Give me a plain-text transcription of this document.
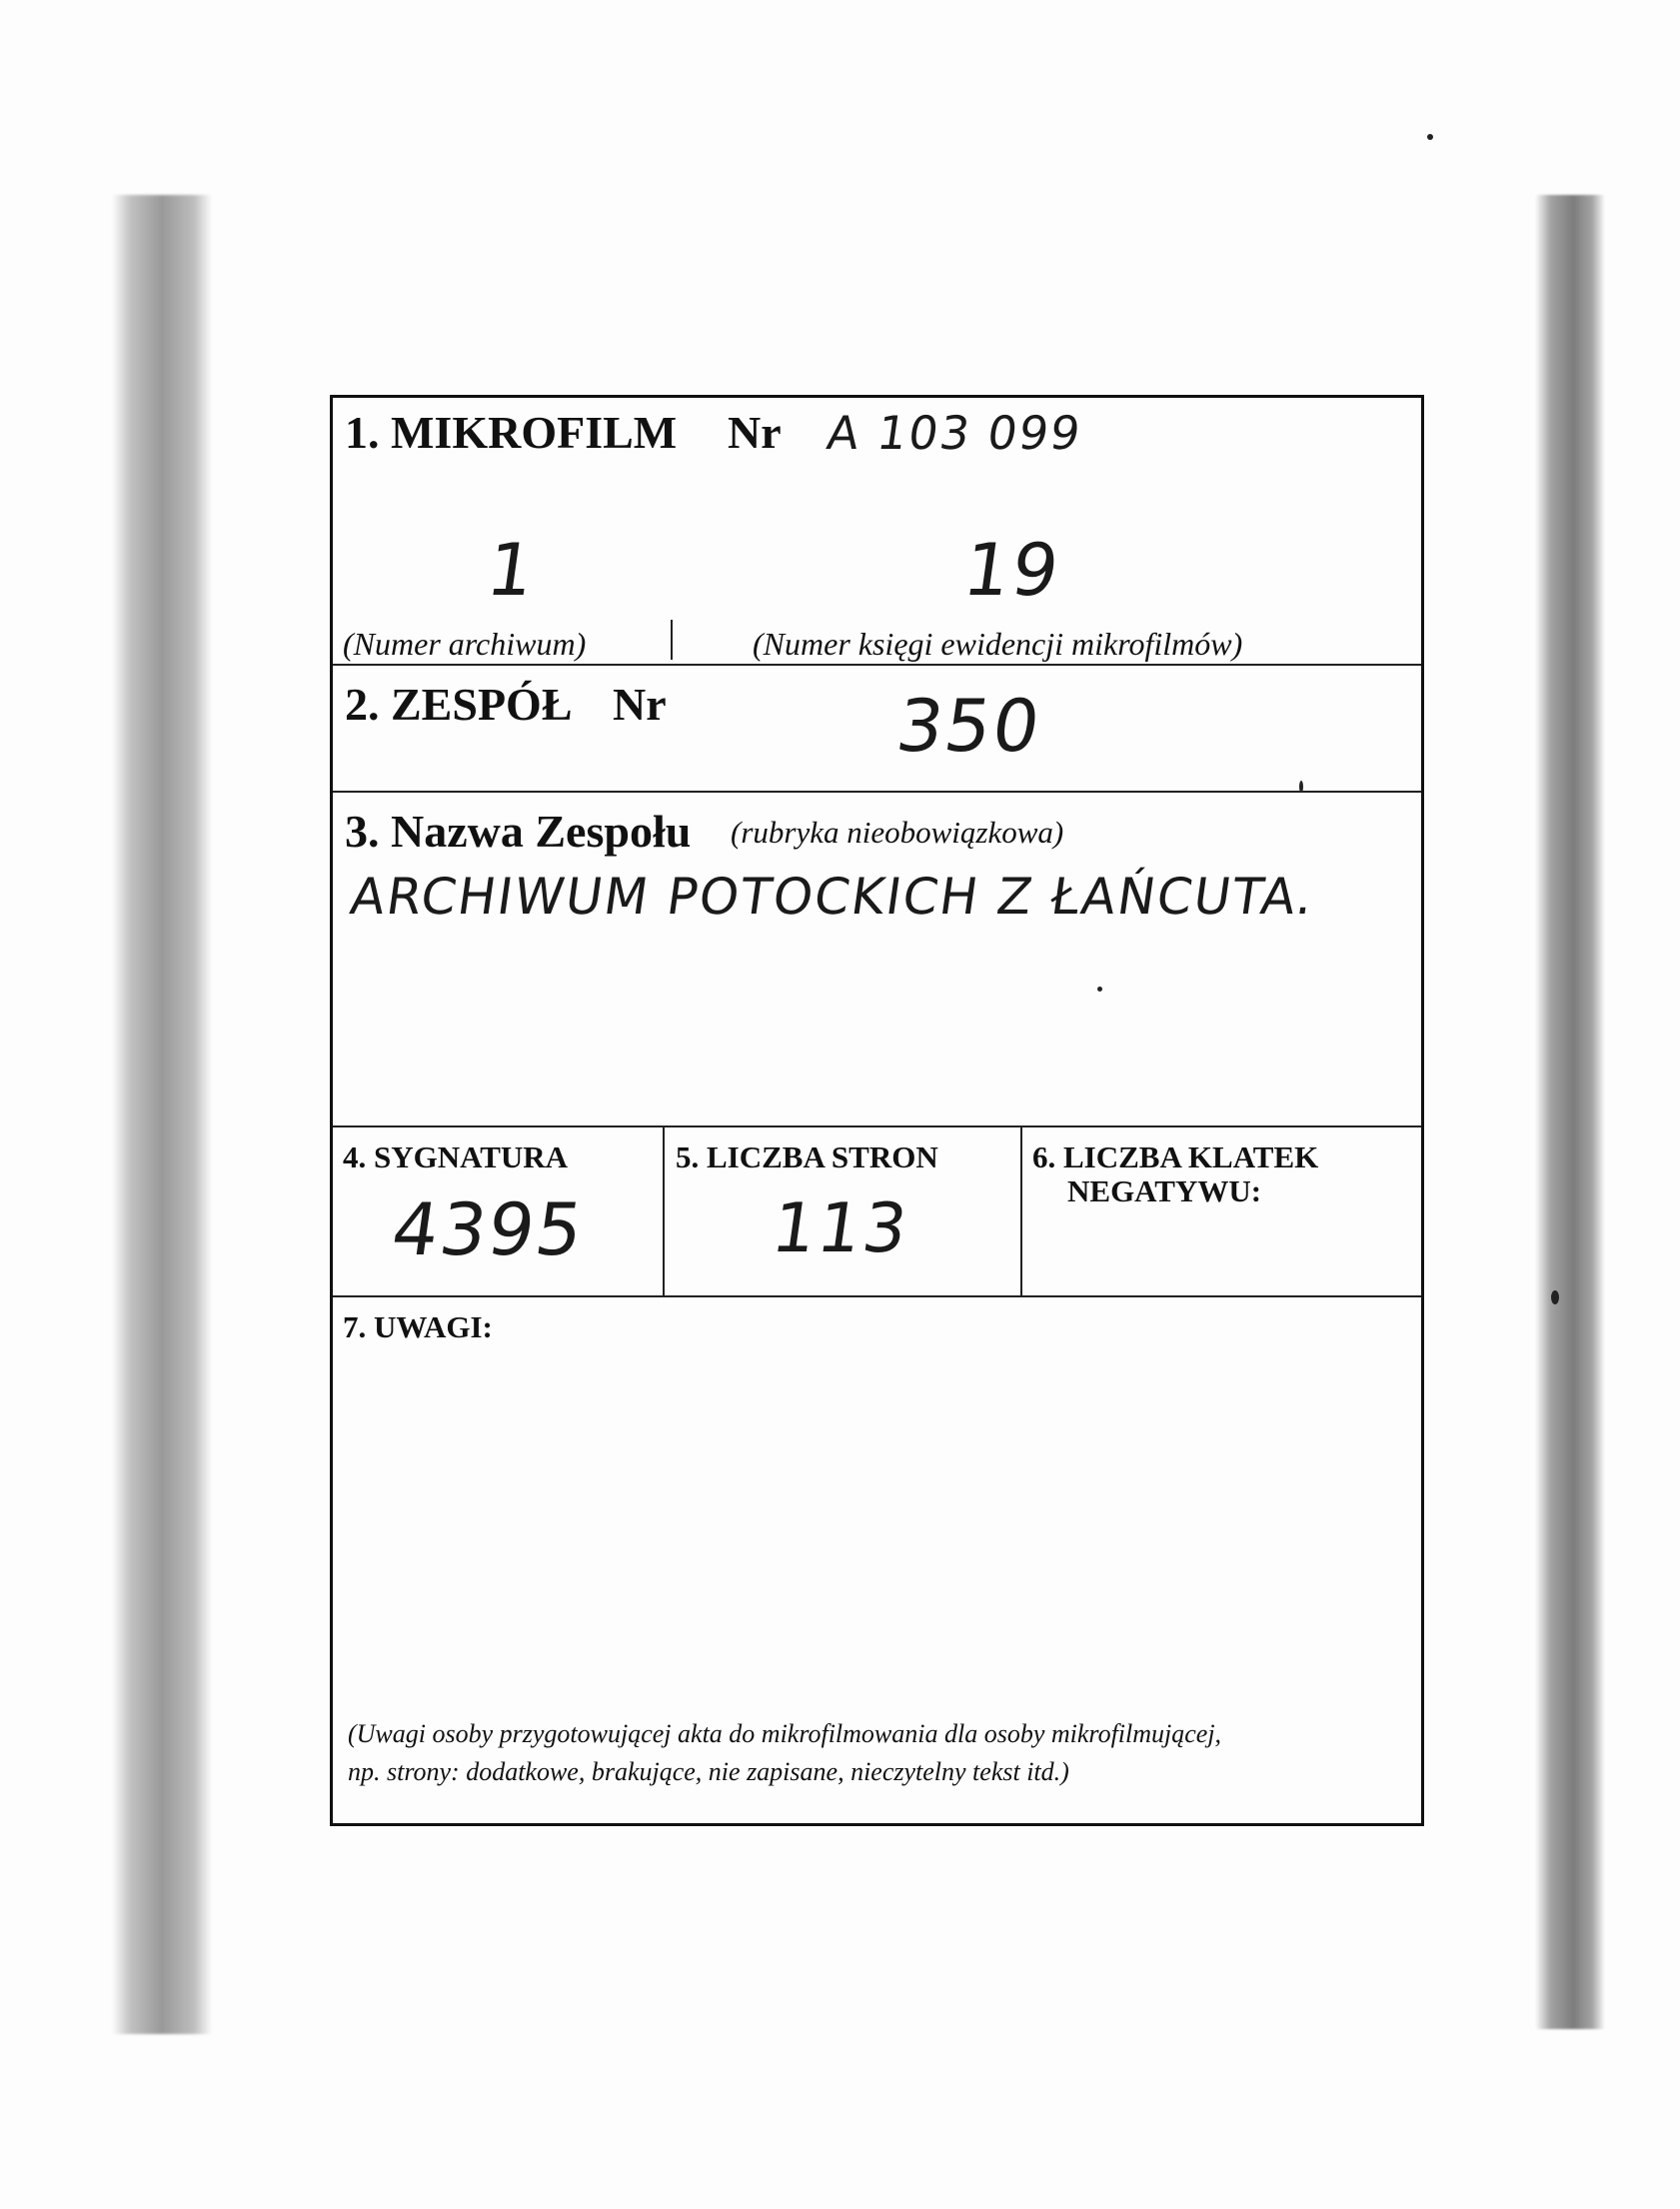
1. MIKROFILM Nr A 103 099
1	19
(Numer archiwum)	(Numer księgi ewidencji mikrofilmów)
2. ZESPÓŁ Nr	350
3. Nazwa Zespołu (rubryka nieobowiązkowa)
ARCHIWUM POTOCKICH Z ŁAŃCUTA.
4. SYGNATURA
4395
5. LICZBA STRON
113
6. LICZBA KLATEK
NEGATYWU:
7. UWAGI:
(Uwagi osoby przygotowującej akta do mikrofilmowania dla osoby mikrofilmującej,
np. strony: dodatkowe, brakujące, nie zapisane, nieczytelny tekst itd.)
